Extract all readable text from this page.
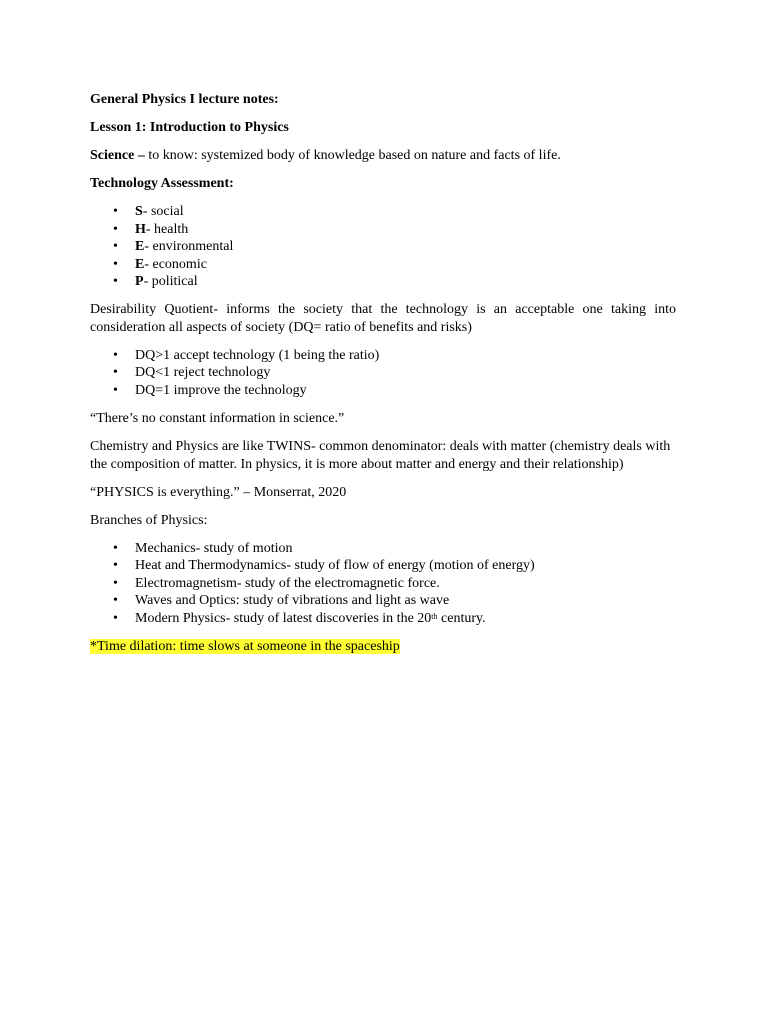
General Physics I lecture notes:

Lesson 1: Introduction to Physics

Science – to know: systemized body of knowledge based on nature and facts of life.

Technology Assessment:

• S- social
• H- health
• E- environmental
• E- economic
• P- political

Desirability Quotient- informs the society that the technology is an acceptable one taking into consideration all aspects of society (DQ= ratio of benefits and risks)

• DQ>1 accept technology (1 being the ratio)
• DQ<1 reject technology
• DQ=1 improve the technology

“There’s no constant information in science.”

Chemistry and Physics are like TWINS- common denominator: deals with matter (chemistry deals with the composition of matter. In physics, it is more about matter and energy and their relationship)

“PHYSICS is everything.” – Monserrat, 2020

Branches of Physics:

• Mechanics- study of motion
• Heat and Thermodynamics- study of flow of energy (motion of energy)
• Electromagnetism- study of the electromagnetic force.
• Waves and Optics: study of vibrations and light as wave
• Modern Physics- study of latest discoveries in the 20th century.

*Time dilation: time slows at someone in the spaceship
